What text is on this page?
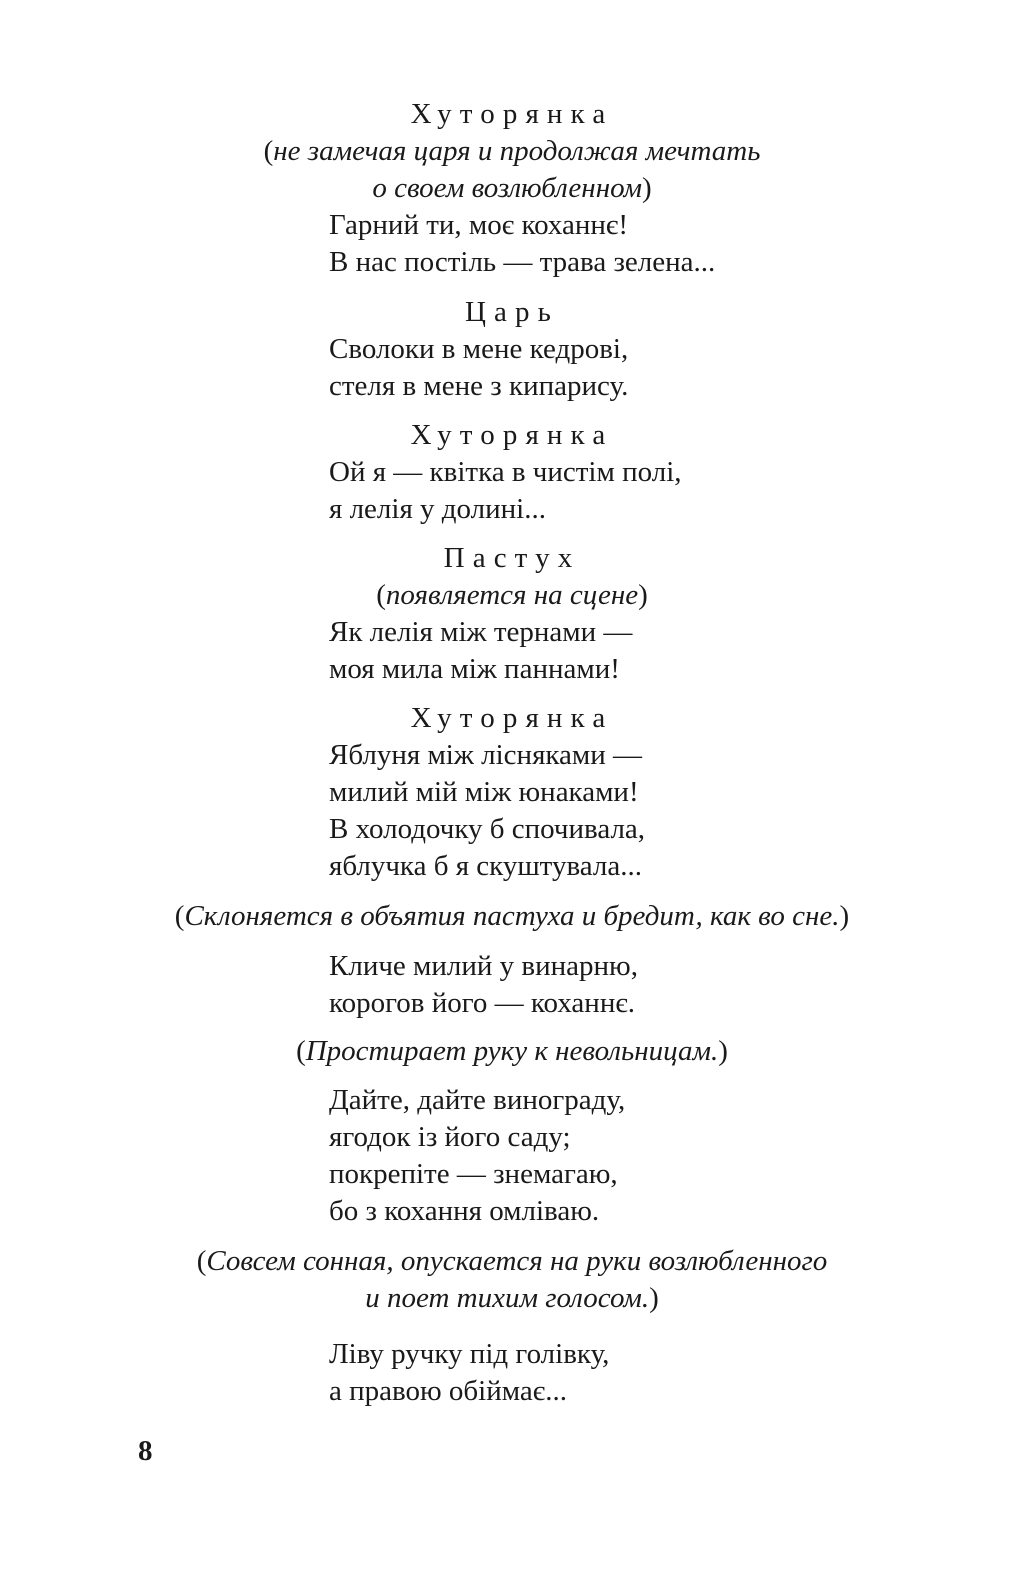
Хуторянка
(не замечая царя и продолжая мечтать
о своем возлюбленном)
Гарний ти, моє коханнє!
В нас постіль — трава зелена...
Царь
Сволоки в мене кедрові,
стеля в мене з кипарису.
Хуторянка
Ой я — квітка в чистім полі,
я лелія у долині...
Пастух
(появляется на сцене)
Як лелія між тернами —
моя мила між паннами!
Хуторянка
Яблуня між лісняками —
милий мій між юнаками!
В холодочку б спочивала,
яблучка б я скуштувала...
(Склоняется в объятия пастуха и бредит, как во сне.)
Кличе милий у винарню,
корогов його — коханнє.
(Простирает руку к невольницам.)
Дайте, дайте винограду,
ягодок із його саду;
покрепіте — знемагаю,
бо з кохання омліваю.
(Совсем сонная, опускается на руки возлюбленного
и поет тихим голосом.)
Ліву ручку під голівку,
а правою обіймає...
8
